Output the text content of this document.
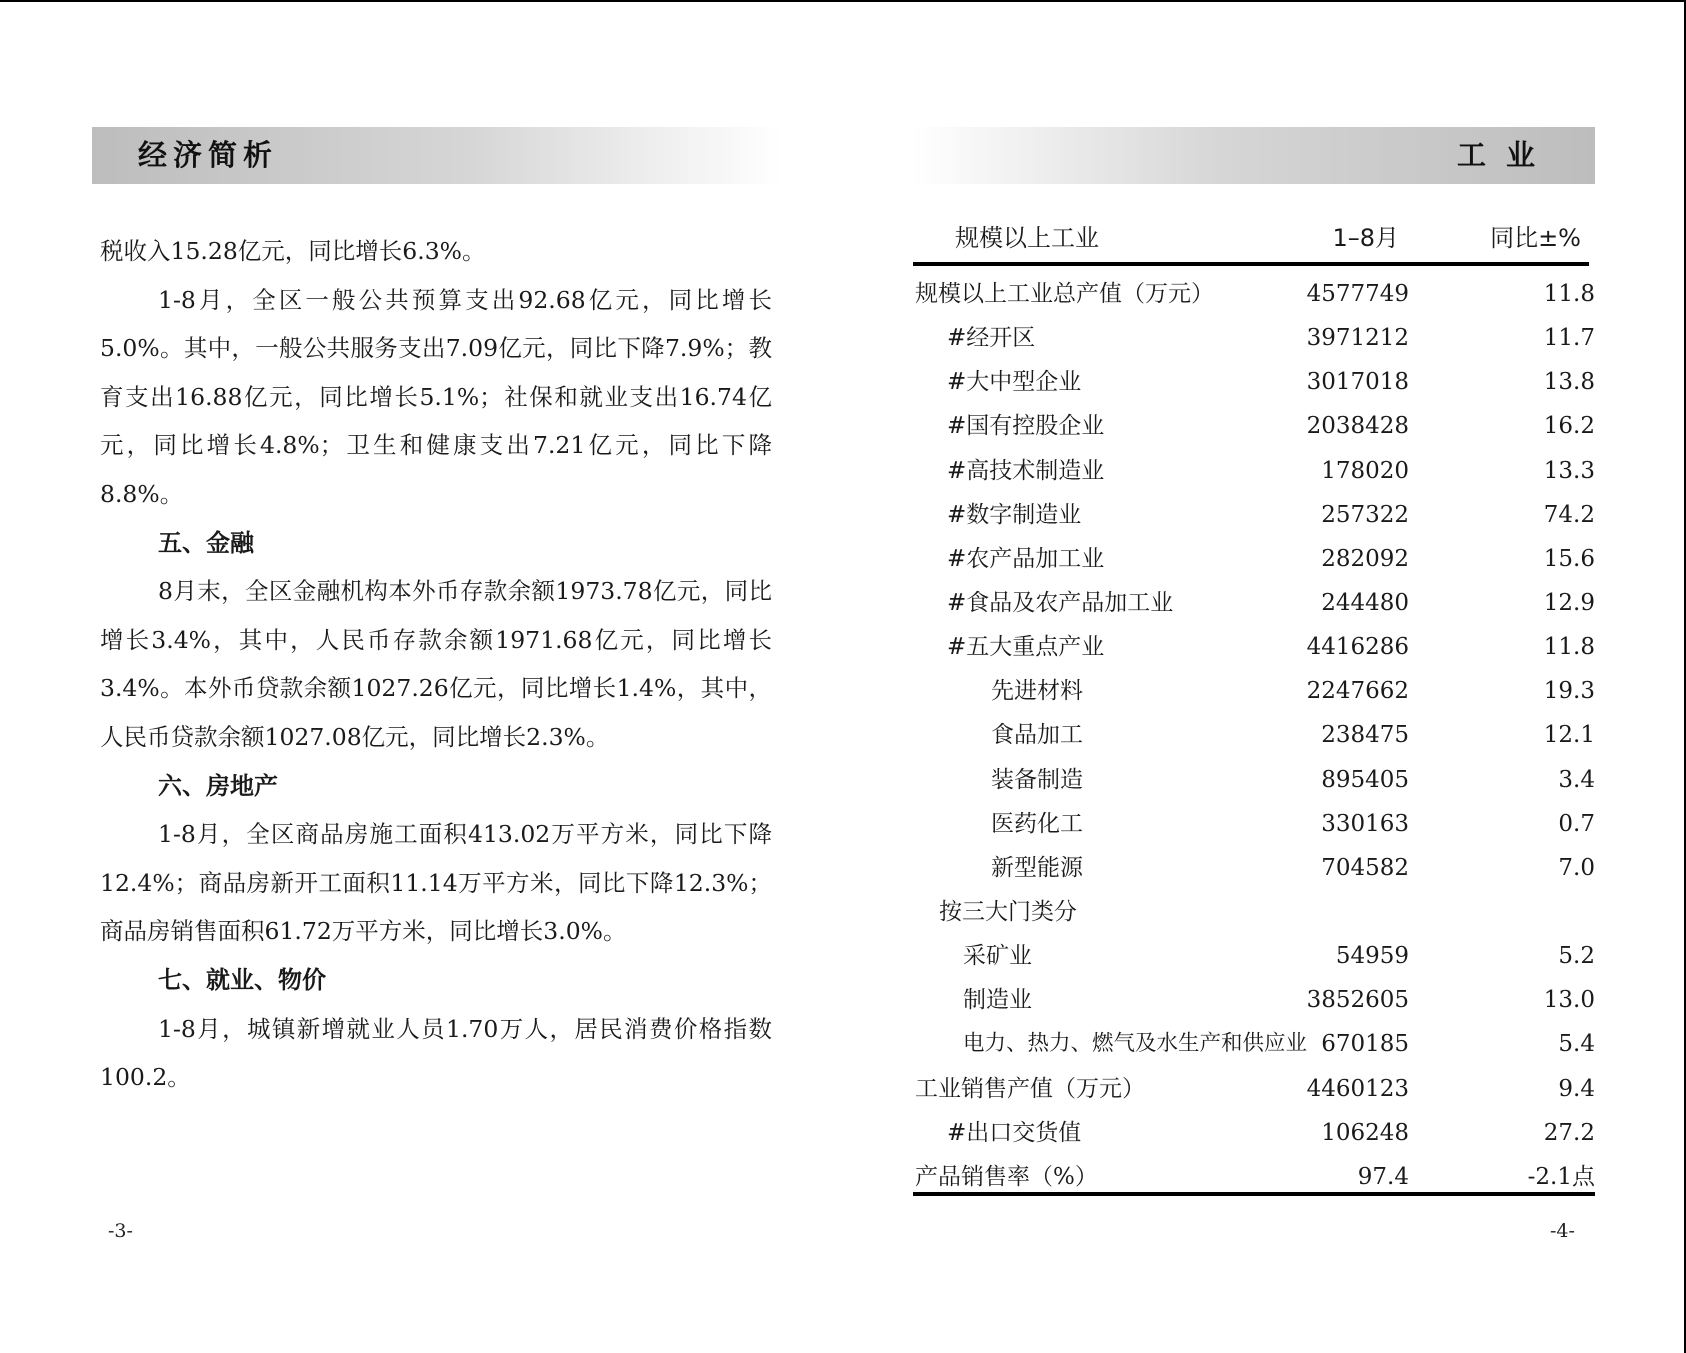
经济简析

税收入15.28亿元，同比增长6.3%。

1-8月，全区一般公共预算支出92.68亿元，同比增长5.0%。其中，一般公共服务支出7.09亿元，同比下降7.9%；教育支出16.88亿元，同比增长5.1%；社保和就业支出16.74亿元，同比增长4.8%；卫生和健康支出7.21亿元，同比下降8.8%。

五、金融

8月末，全区金融机构本外币存款余额1973.78亿元，同比增长3.4%，其中，人民币存款余额1971.68亿元，同比增长3.4%。本外币贷款余额1027.26亿元，同比增长1.4%，其中，人民币贷款余额1027.08亿元，同比增长2.3%。

六、房地产

1-8月，全区商品房施工面积413.02万平方米，同比下降12.4%；商品房新开工面积11.14万平方米，同比下降12.3%；商品房销售面积61.72万平方米，同比增长3.0%。

七、就业、物价

1-8月，城镇新增就业人员1.70万人，居民消费价格指数100.2。

-3-
工业
规模以上工业	1–8月	同比±%
规模以上工业总产值（万元）	4577749	11.8
#经开区	3971212	11.7
#大中型企业	3017018	13.8
#国有控股企业	2038428	16.2
#高技术制造业	178020	13.3
#数字制造业	257322	74.2
#农产品加工业	282092	15.6
#食品及农产品加工业	244480	12.9
#五大重点产业	4416286	11.8
先进材料	2247662	19.3
食品加工	238475	12.1
装备制造	895405	3.4
医药化工	330163	0.7
新型能源	704582	7.0
按三大门类分
采矿业	54959	5.2
制造业	3852605	13.0
电力、热力、燃气及水生产和供应业 670185	5.4
工业销售产值（万元）	4460123	9.4
#出口交货值	106248	27.2
产品销售率（%）	97.4	-2.1点
-4-
